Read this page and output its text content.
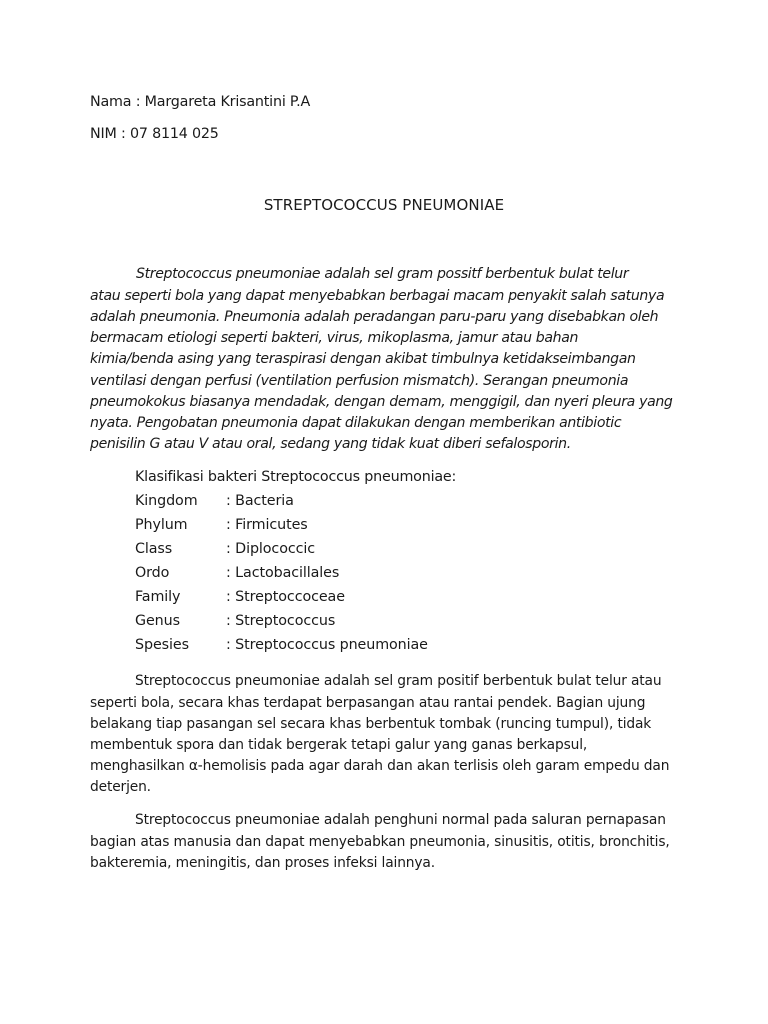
Nama : Margareta Krisantini P.A
NIM : 07 8114 025
STREPTOCOCCUS PNEUMONIAE
Streptococcus pneumoniae adalah sel gram possitf berbentuk bulat telur
atau seperti bola yang dapat menyebabkan berbagai macam penyakit salah satunya
adalah pneumonia. Pneumonia adalah peradangan paru-paru yang disebabkan oleh
bermacam etiologi seperti bakteri, virus, mikoplasma, jamur atau bahan
kimia/benda asing yang teraspirasi dengan akibat timbulnya ketidakseimbangan
ventilasi dengan perfusi (ventilation perfusion mismatch). Serangan pneumonia
pneumokokus biasanya mendadak, dengan demam, menggigil, dan nyeri pleura yang
nyata. Pengobatan pneumonia dapat dilakukan dengan memberikan antibiotic
penisilin G atau V atau oral, sedang yang tidak kuat diberi sefalosporin.
Klasifikasi bakteri Streptococcus pneumoniae:
Kingdom : Bacteria
Phylum	: Firmicutes
Class	: Diplococcic
Ordo	: Lactobacillales
Family	: Streptoccoceae
Genus	: Streptococcus
Spesies	: Streptococcus pneumoniae
Streptococcus pneumoniae adalah sel gram positif berbentuk bulat telur atau
seperti bola, secara khas terdapat berpasangan atau rantai pendek. Bagian ujung
belakang tiap pasangan sel secara khas berbentuk tombak (runcing tumpul), tidak
membentuk spora dan tidak bergerak tetapi galur yang ganas berkapsul,
menghasilkan α-hemolisis pada agar darah dan akan terlisis oleh garam empedu dan
deterjen.
Streptococcus pneumoniae adalah penghuni normal pada saluran pernapasan
bagian atas manusia dan dapat menyebabkan pneumonia, sinusitis, otitis, bronchitis,
bakteremia, meningitis, dan proses infeksi lainnya.
